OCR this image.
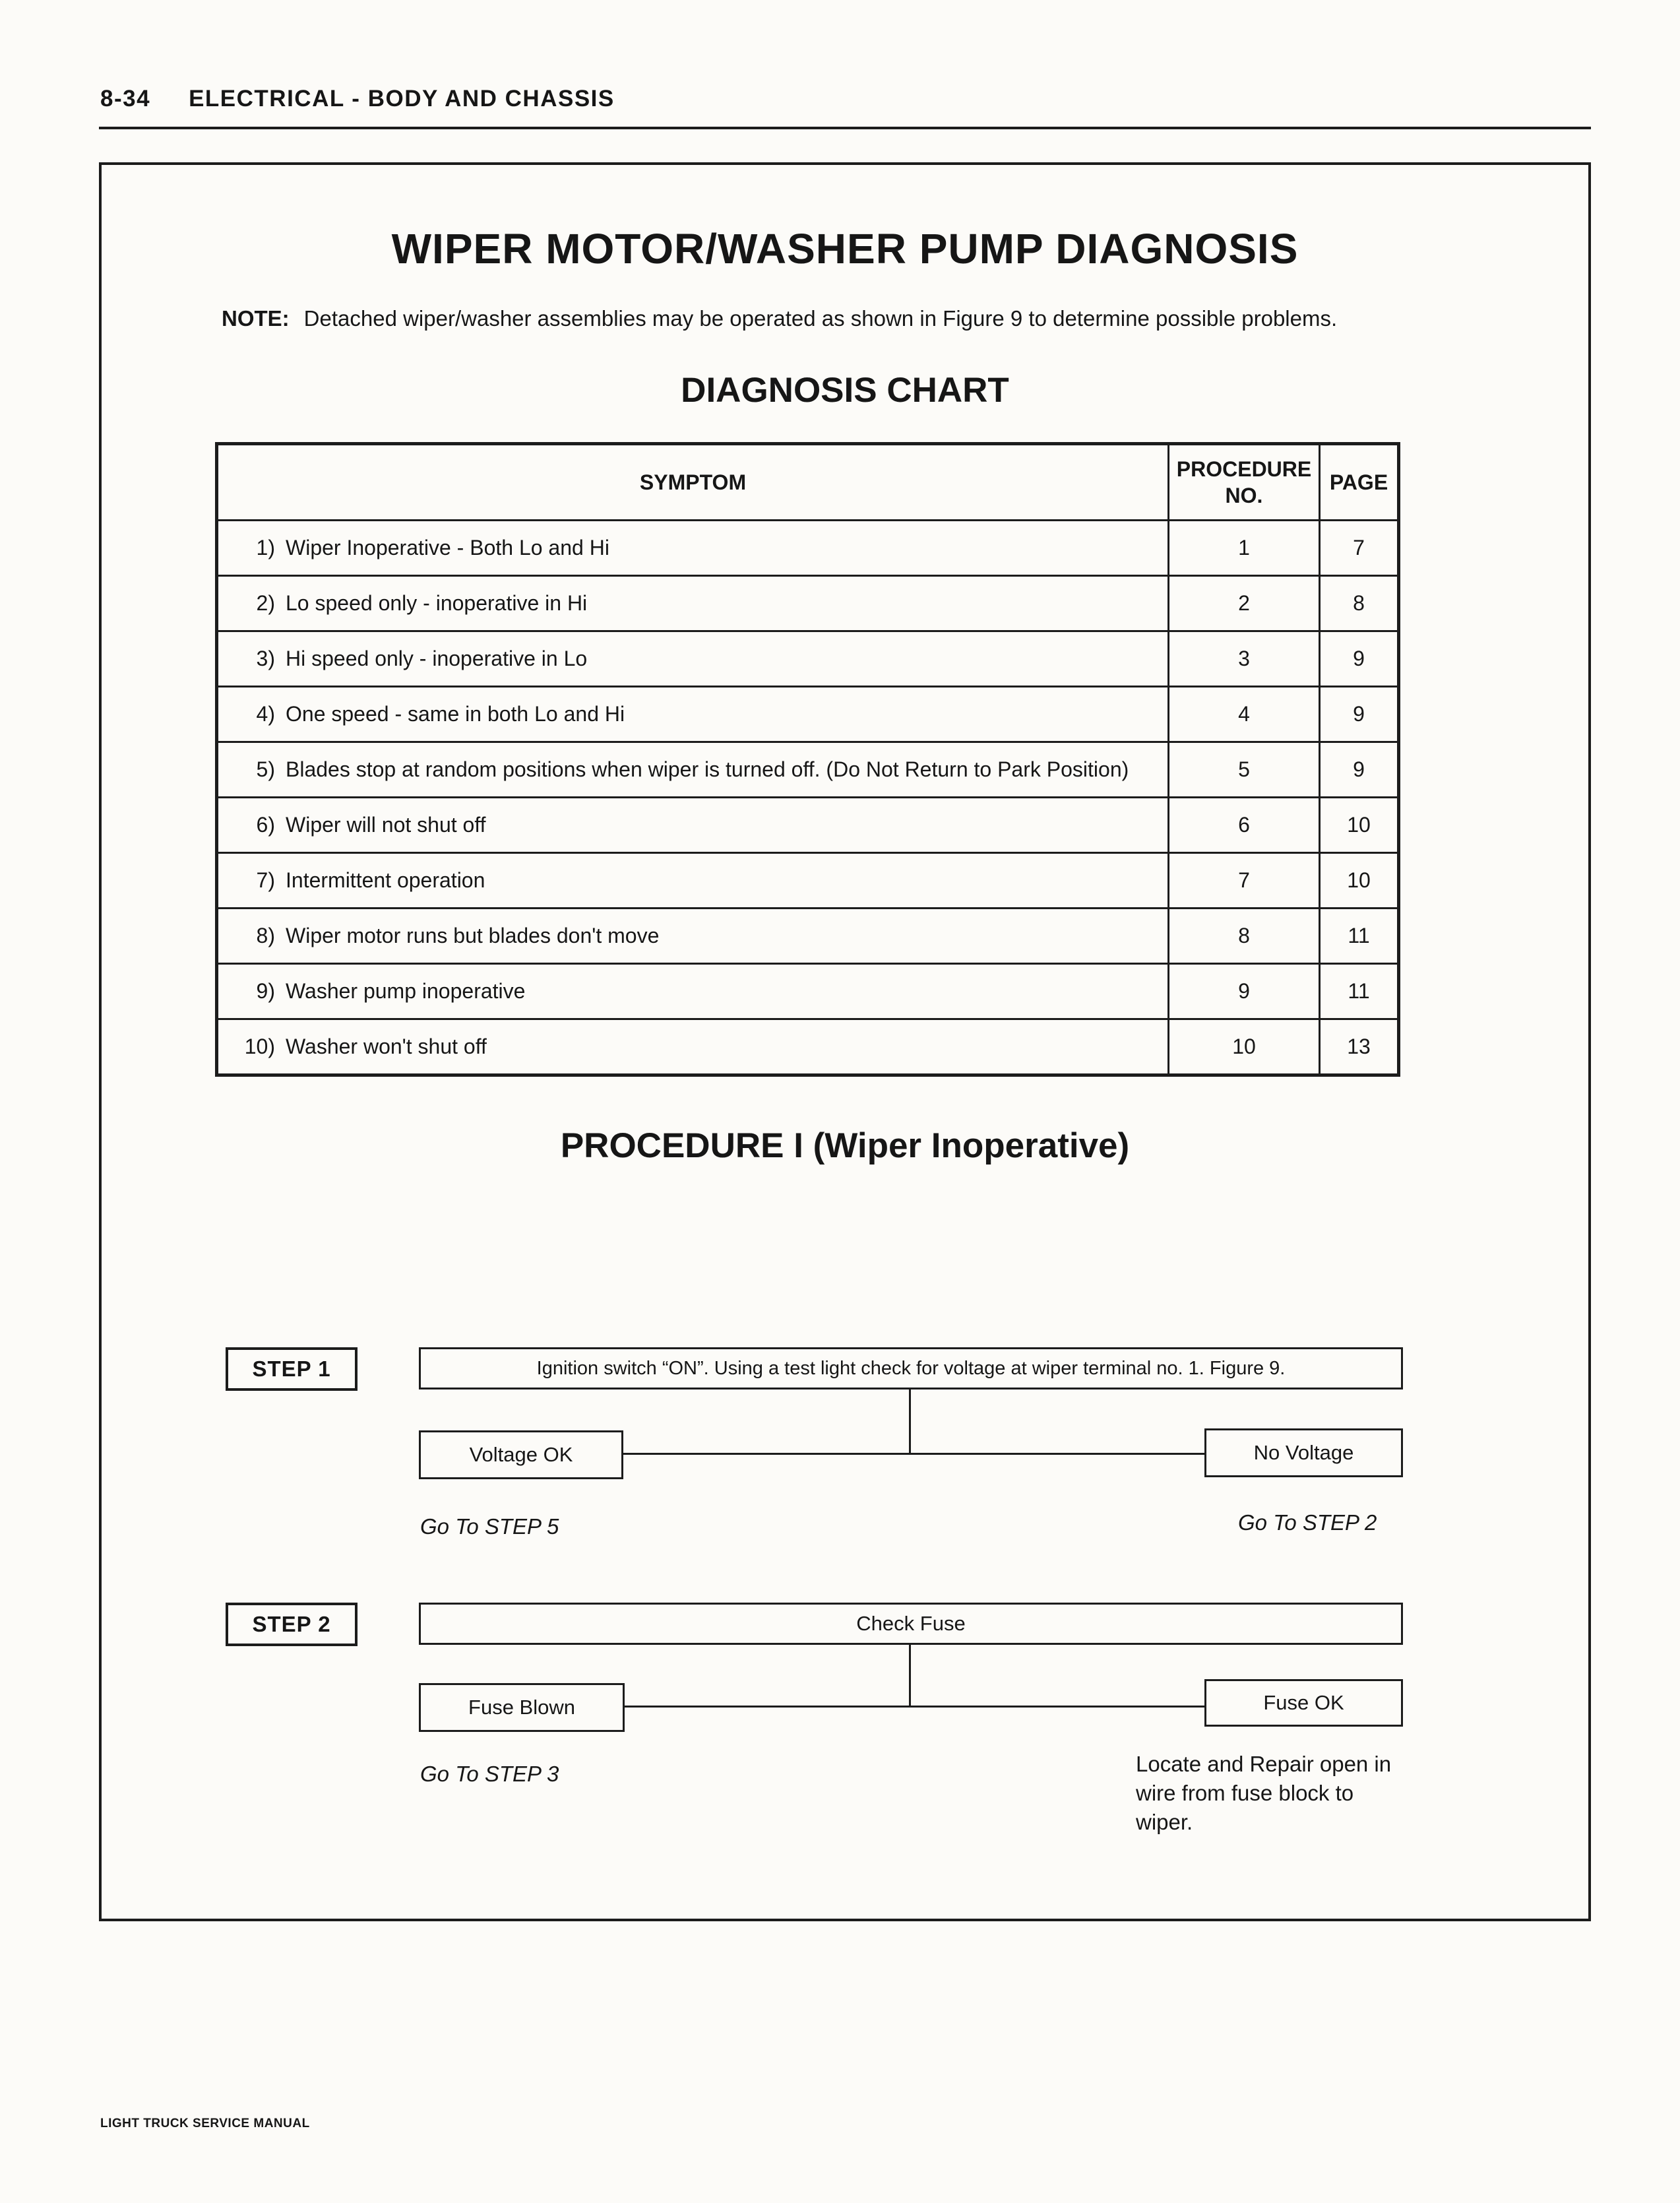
8-34 ELECTRICAL - BODY AND CHASSIS
WIPER MOTOR/WASHER PUMP DIAGNOSIS

NOTE: Detached wiper/washer assemblies may be operated as shown in Figure 9 to determine possible problems.

DIAGNOSIS CHART
SYMPTOM	PROCEDURE NO.	PAGE

1) Wiper Inoperative - Both Lo and Hi	1	7

2) Lo speed only - inoperative in Hi	2	8

3) Hi speed only - inoperative in Lo	3	9

4) One speed - same in both Lo and Hi	4	9

5) Blades stop at random positions when wiper is turned off. (Do Not Return to Park Position)	5	9

6) Wiper will not shut off	6	10

7) Intermittent operation	7	10

8) Wiper motor runs but blades don't move	8	11

9) Washer pump inoperative	9	11

10) Washer won't shut off	10	13
PROCEDURE I (Wiper Inoperative)
STEP 1	Ignition switch “ON”. Using a test light check for voltage at wiper terminal no. 1. Figure 9.
Voltage OK	No Voltage
Go To STEP 5	Go To STEP 2
STEP 2	Check Fuse
Fuse Blown	Fuse OK
Go To STEP 3	Locate and Repair open in wire from fuse block to wiper.
LIGHT TRUCK SERVICE MANUAL
